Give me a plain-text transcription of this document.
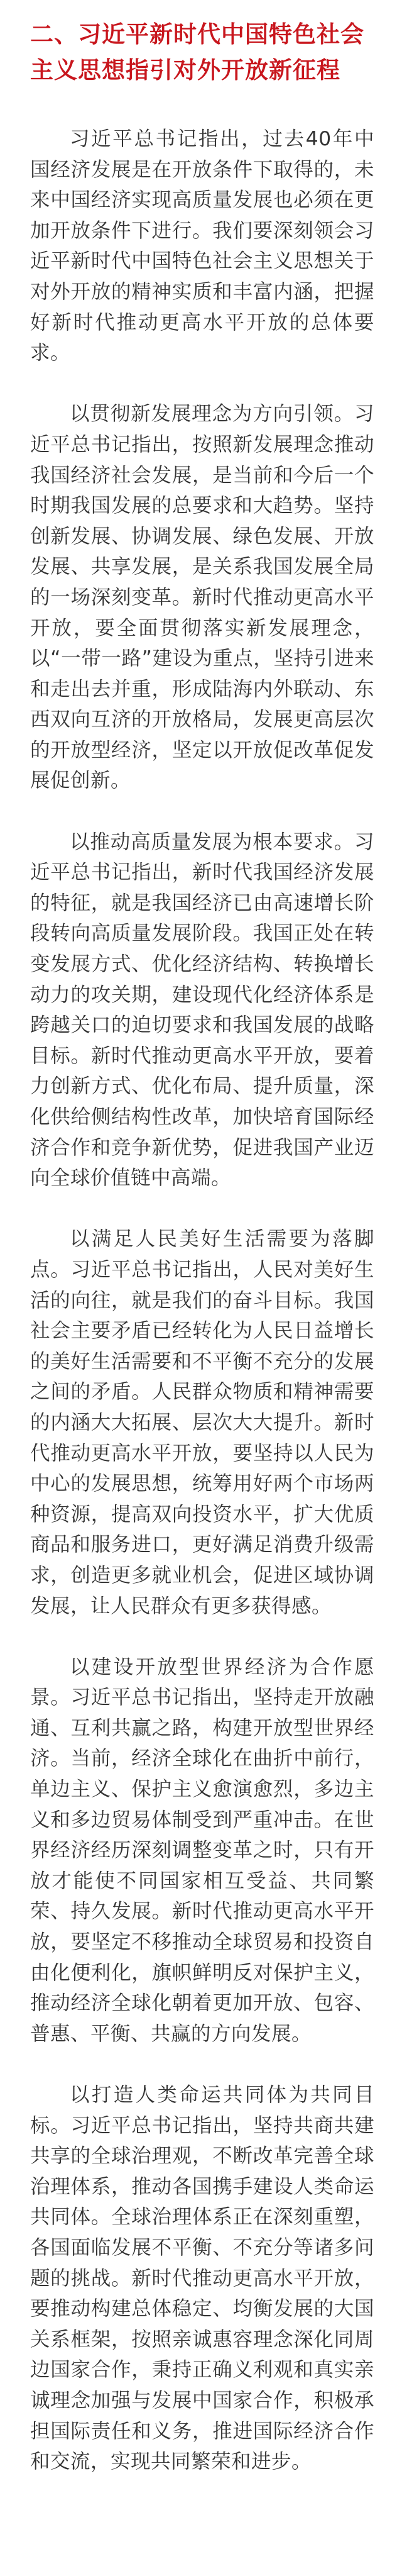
二、习近平新时代中国特色社会主义思想指引对外开放新征程

习近平总书记指出，过去40年中国经济发展是在开放条件下取得的，未来中国经济实现高质量发展也必须在更加开放条件下进行。我们要深刻领会习近平新时代中国特色社会主义思想关于对外开放的精神实质和丰富内涵，把握好新时代推动更高水平开放的总体要求。

以贯彻新发展理念为方向引领。习近平总书记指出，按照新发展理念推动我国经济社会发展，是当前和今后一个时期我国发展的总要求和大趋势。坚持创新发展、协调发展、绿色发展、开放发展、共享发展，是关系我国发展全局的一场深刻变革。新时代推动更高水平开放，要全面贯彻落实新发展理念，以“一带一路”建设为重点，坚持引进来和走出去并重，形成陆海内外联动、东西双向互济的开放格局，发展更高层次的开放型经济，坚定以开放促改革促发展促创新。

以推动高质量发展为根本要求。习近平总书记指出，新时代我国经济发展的特征，就是我国经济已由高速增长阶段转向高质量发展阶段。我国正处在转变发展方式、优化经济结构、转换增长动力的攻关期，建设现代化经济体系是跨越关口的迫切要求和我国发展的战略目标。新时代推动更高水平开放，要着力创新方式、优化布局、提升质量，深化供给侧结构性改革，加快培育国际经济合作和竞争新优势，促进我国产业迈向全球价值链中高端。

以满足人民美好生活需要为落脚点。习近平总书记指出，人民对美好生活的向往，就是我们的奋斗目标。我国社会主要矛盾已经转化为人民日益增长的美好生活需要和不平衡不充分的发展之间的矛盾。人民群众物质和精神需要的内涵大大拓展、层次大大提升。新时代推动更高水平开放，要坚持以人民为中心的发展思想，统筹用好两个市场两种资源，提高双向投资水平，扩大优质商品和服务进口，更好满足消费升级需求，创造更多就业机会，促进区域协调发展，让人民群众有更多获得感。

以建设开放型世界经济为合作愿景。习近平总书记指出，坚持走开放融通、互利共赢之路，构建开放型世界经济。当前，经济全球化在曲折中前行，单边主义、保护主义愈演愈烈，多边主义和多边贸易体制受到严重冲击。在世界经济经历深刻调整变革之时，只有开放才能使不同国家相互受益、共同繁荣、持久发展。新时代推动更高水平开放，要坚定不移推动全球贸易和投资自由化便利化，旗帜鲜明反对保护主义，推动经济全球化朝着更加开放、包容、普惠、平衡、共赢的方向发展。

以打造人类命运共同体为共同目标。习近平总书记指出，坚持共商共建共享的全球治理观，不断改革完善全球治理体系，推动各国携手建设人类命运共同体。全球治理体系正在深刻重塑，各国面临发展不平衡、不充分等诸多问题的挑战。新时代推动更高水平开放，要推动构建总体稳定、均衡发展的大国关系框架，按照亲诚惠容理念深化同周边国家合作，秉持正确义利观和真实亲诚理念加强与发展中国家合作，积极承担国际责任和义务，推进国际经济合作和交流，实现共同繁荣和进步。
